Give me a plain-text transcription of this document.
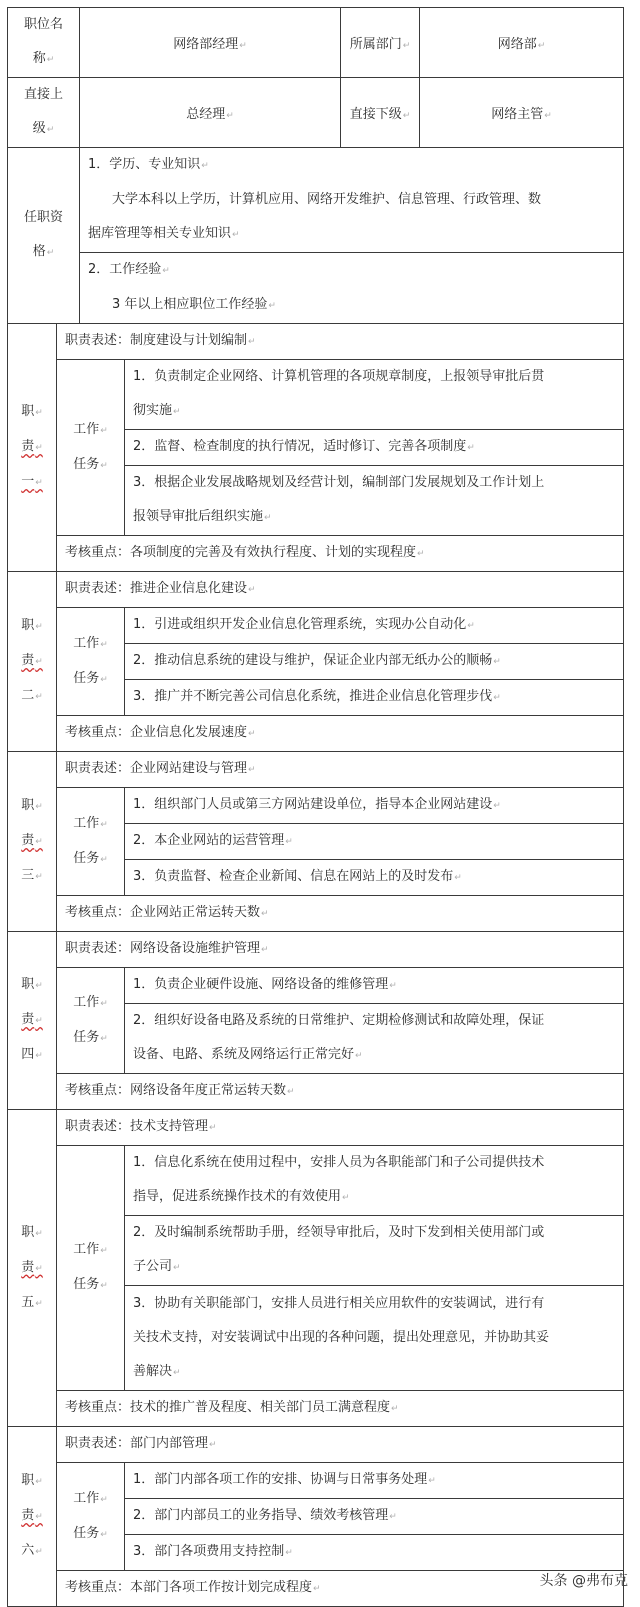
职位名
称 ↵	网络部经理 ↵	所属部门 ↵	网络部 ↵

直接上
级 ↵	总经理 ↵	直接下级 ↵	网络主管 ↵
任职资
格 ↵

1．学历、专业知识 ↵
大学本科以上学历，计算机应用、网络开发维护、信息管理、行政管理、数
据库管理等相关专业知识 ↵

2．工作经验 ↵
3 年以上相应职位工作经验 ↵
职 ↵
责 ↵
一 ↵	职责表述：制度建设与计划编制 ↵

工作 ↵
任务 ↵

1．负责制定企业网络、计算机管理的各项规章制度，上报领导审批后贯
彻实施 ↵

		2．监督、检查制度的执行情况，适时修订、完善各项制度 ↵

		3．根据企业发展战略规划及经营计划，编制部门发展规划及工作计划上
报领导审批后组织实施 ↵

	考核重点：各项制度的完善及有效执行程度、计划的实现程度 ↵

职 ↵
责 ↵
二 ↵	职责表述：推进企业信息化建设 ↵

	工作 ↵
任务 ↵	1．引进或组织开发企业信息化管理系统，实现办公自动化 ↵
		2．推动信息系统的建设与维护，保证企业内部无纸办公的顺畅 ↵
		3．推广并不断完善公司信息化系统，推进企业信息化管理步伐 ↵
	考核重点：企业信息化发展速度 ↵

职 ↵
责 ↵
三 ↵	职责表述：企业网站建设与管理 ↵

	工作 ↵
任务 ↵	1．组织部门人员或第三方网站建设单位，指导本企业网站建设 ↵
		2．本企业网站的运营管理 ↵
		3．负责监督、检查企业新闻、信息在网站上的及时发布 ↵
	考核重点：企业网站正常运转天数 ↵

职 ↵
责 ↵
四 ↵	职责表述：网络设备设施维护管理 ↵

	工作 ↵
任务 ↵	1．负责企业硬件设施、网络设备的维修管理 ↵

		2．组织好设备电路及系统的日常维护、定期检修测试和故障处理，保证
设备、电路、系统及网络运行正常完好 ↵

	考核重点：网络设备年度正常运转天数 ↵

职 ↵
责 ↵
五 ↵	职责表述：技术支持管理 ↵

工作 ↵
任务 ↵

1．信息化系统在使用过程中，安排人员为各职能部门和子公司提供技术
指导，促进系统操作技术的有效使用 ↵

		2．及时编制系统帮助手册，经领导审批后，及时下发到相关使用部门或
子公司 ↵

		3．协助有关职能部门，安排人员进行相关应用软件的安装调试，进行有
关技术支持，对安装调试中出现的各种问题，提出处理意见，并协助其妥
善解决 ↵

	考核重点：技术的推广普及程度、相关部门员工满意程度 ↵

职 ↵
责 ↵
六 ↵	职责表述：部门内部管理 ↵

	工作 ↵
任务 ↵	1．部门内部各项工作的安排、协调与日常事务处理 ↵
		2．部门内部员工的业务指导、绩效考核管理 ↵
		3．部门各项费用支持控制 ↵
	考核重点：本部门各项工作按计划完成程度 ↵	头条 @弗布克
